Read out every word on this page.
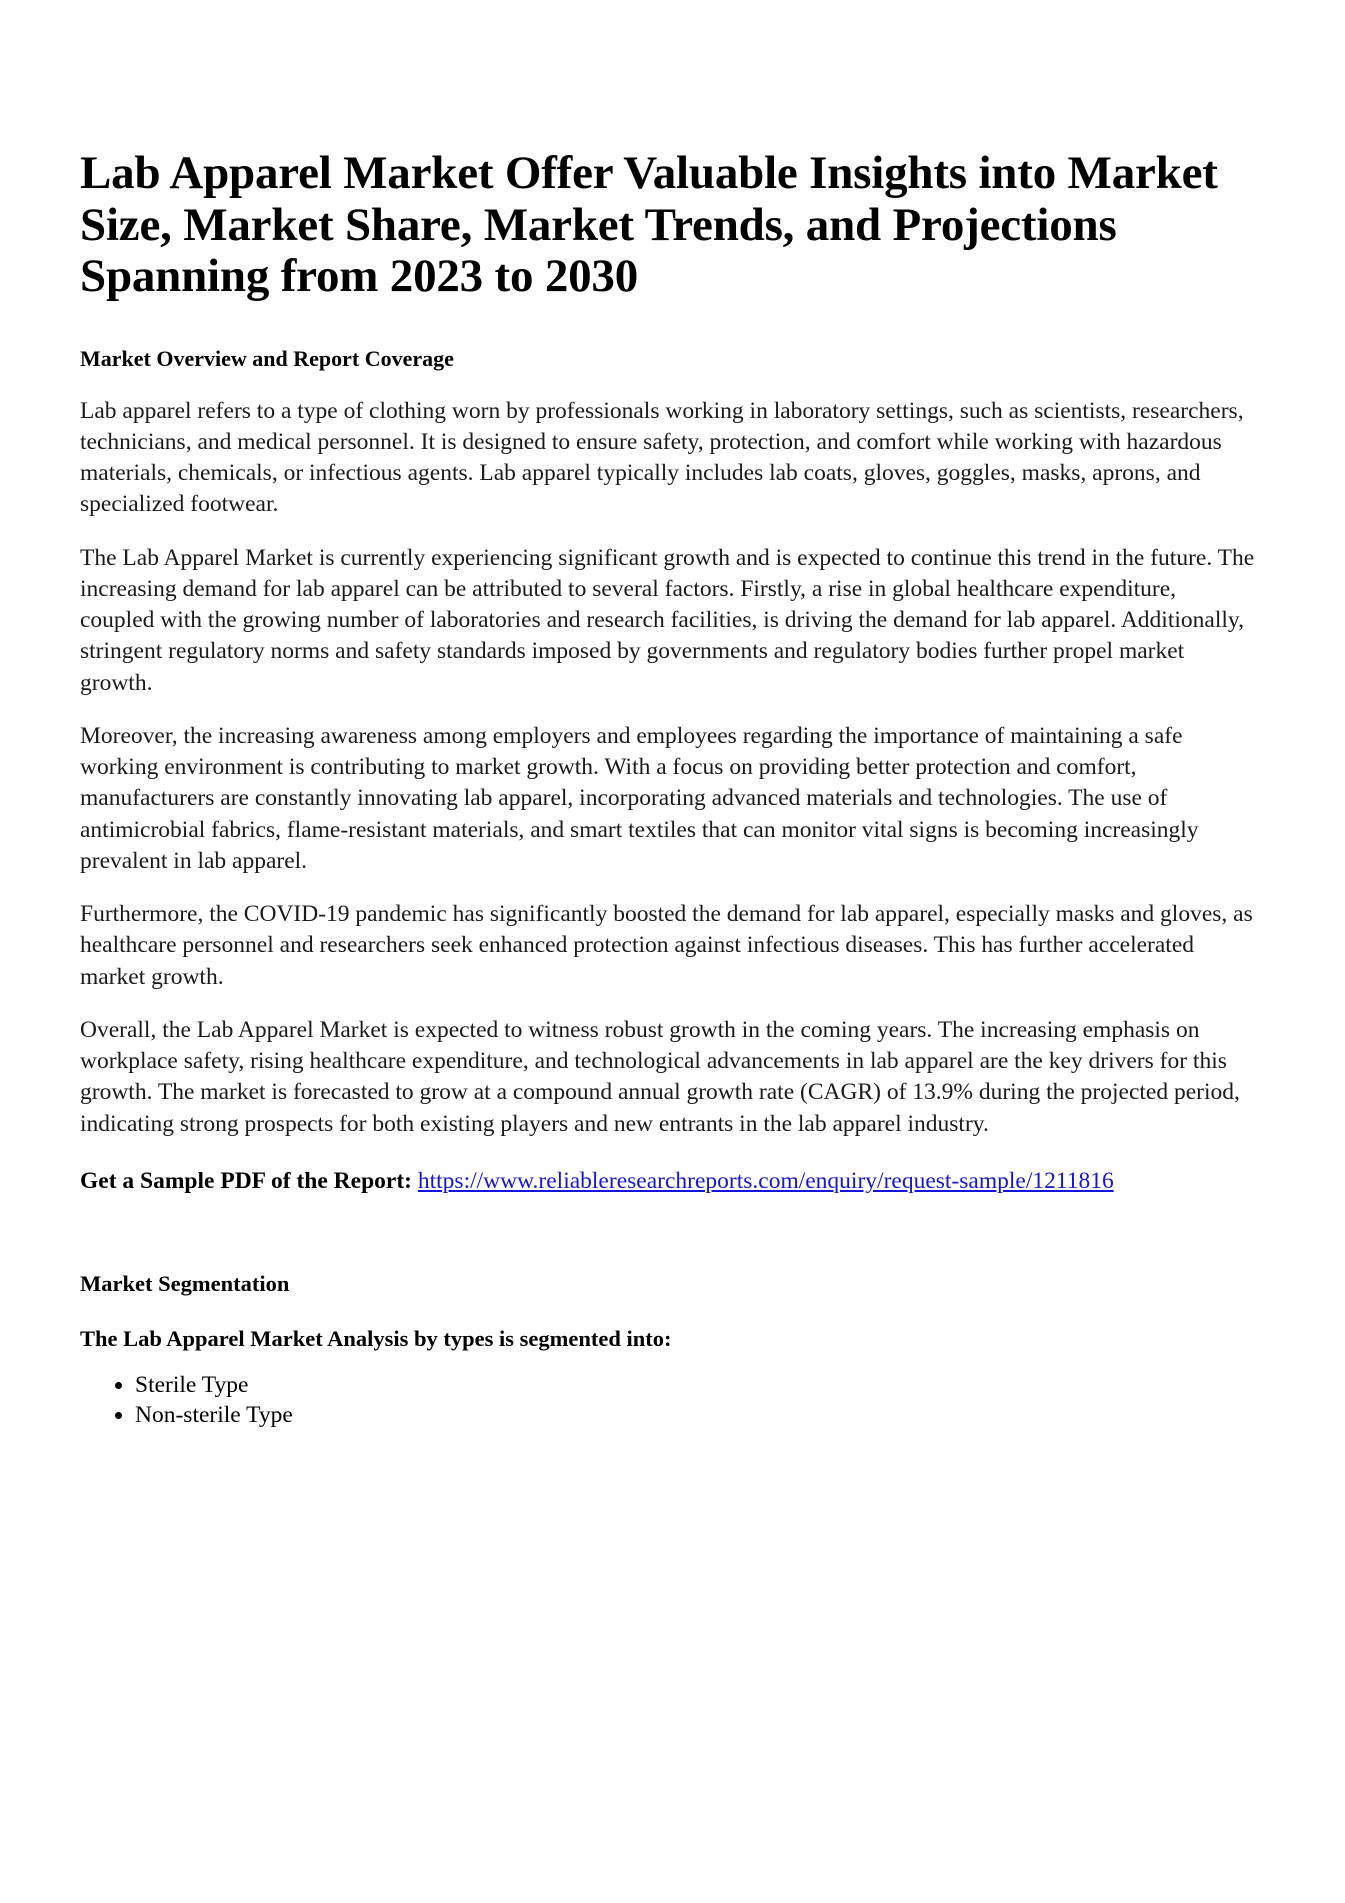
Lab Apparel Market Offer Valuable Insights into Market Size, Market Share, Market Trends, and Projections Spanning from 2023 to 2030
Market Overview and Report Coverage

Lab apparel refers to a type of clothing worn by professionals working in laboratory settings, such as scientists, researchers, technicians, and medical personnel. It is designed to ensure safety, protection, and comfort while working with hazardous materials, chemicals, or infectious agents. Lab apparel typically includes lab coats, gloves, goggles, masks, aprons, and specialized footwear.

The Lab Apparel Market is currently experiencing significant growth and is expected to continue this trend in the future. The increasing demand for lab apparel can be attributed to several factors. Firstly, a rise in global healthcare expenditure, coupled with the growing number of laboratories and research facilities, is driving the demand for lab apparel. Additionally, stringent regulatory norms and safety standards imposed by governments and regulatory bodies further propel market growth.

Moreover, the increasing awareness among employers and employees regarding the importance of maintaining a safe working environment is contributing to market growth. With a focus on providing better protection and comfort, manufacturers are constantly innovating lab apparel, incorporating advanced materials and technologies. The use of antimicrobial fabrics, flame-resistant materials, and smart textiles that can monitor vital signs is becoming increasingly prevalent in lab apparel.

Furthermore, the COVID-19 pandemic has significantly boosted the demand for lab apparel, especially masks and gloves, as healthcare personnel and researchers seek enhanced protection against infectious diseases. This has further accelerated market growth.

Overall, the Lab Apparel Market is expected to witness robust growth in the coming years. The increasing emphasis on workplace safety, rising healthcare expenditure, and technological advancements in lab apparel are the key drivers for this growth. The market is forecasted to grow at a compound annual growth rate (CAGR) of 13.9% during the projected period, indicating strong prospects for both existing players and new entrants in the lab apparel industry.

Get a Sample PDF of the Report: https://www.reliableresearchreports.com/enquiry/request-sample/1211816

Market Segmentation
The Lab Apparel Market Analysis by types is segmented into:
• Sterile Type
• Non-sterile Type
